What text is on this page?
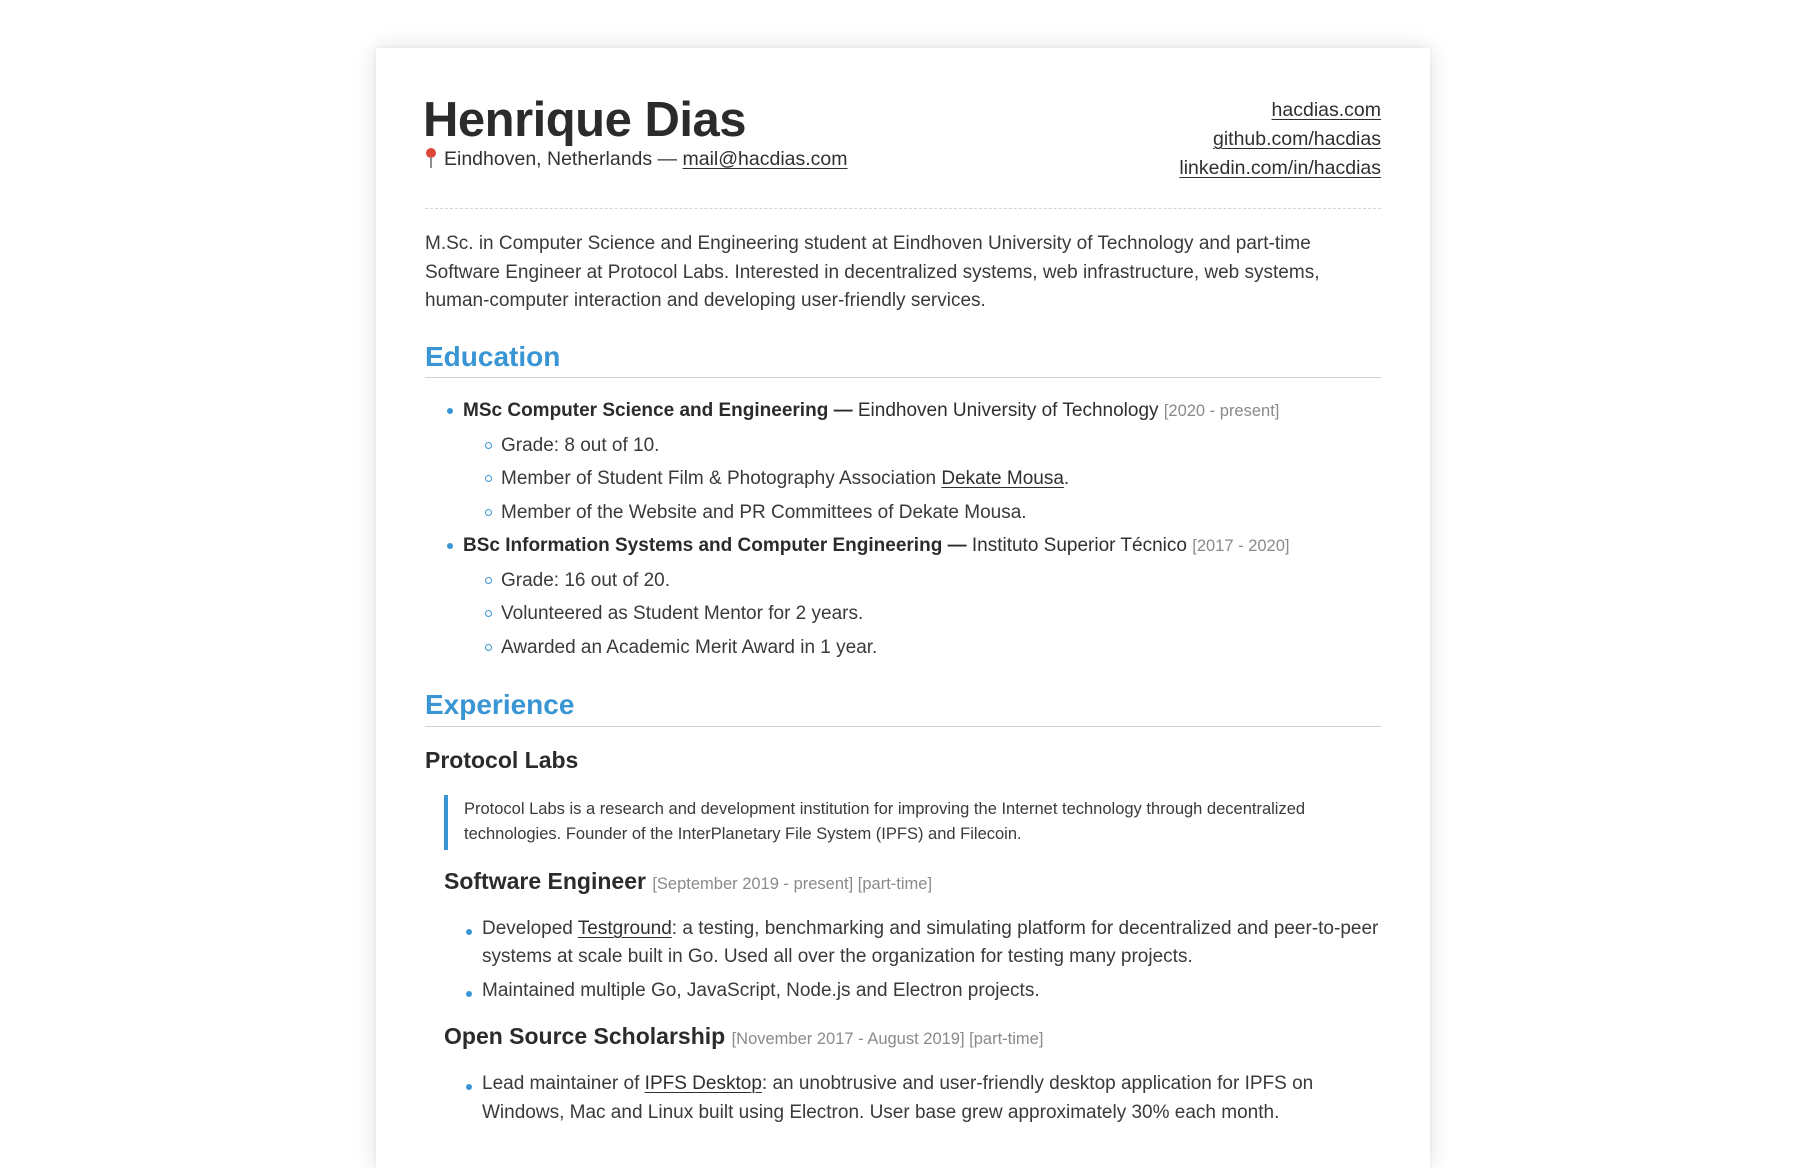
Henrique Dias
Eindhoven, Netherlands — mail@hacdias.com
hacdias.com
github.com/hacdias
linkedin.com/in/hacdias

M.Sc. in Computer Science and Engineering student at Eindhoven University of Technology and part-time Software Engineer at Protocol Labs. Interested in decentralized systems, web infrastructure, web systems, human-computer interaction and developing user-friendly services.

Education
MSc Computer Science and Engineering — Eindhoven University of Technology [2020 - present]
Grade: 8 out of 10.
Member of Student Film & Photography Association Dekate Mousa.
Member of the Website and PR Committees of Dekate Mousa.
BSc Information Systems and Computer Engineering — Instituto Superior Técnico [2017 - 2020]
Grade: 16 out of 20.
Volunteered as Student Mentor for 2 years.
Awarded an Academic Merit Award in 1 year.
Experience
Protocol Labs
Protocol Labs is a research and development institution for improving the Internet technology through decentralized technologies. Founder of the InterPlanetary File System (IPFS) and Filecoin.
Software Engineer [September 2019 - present] [part-time]
Developed Testground: a testing, benchmarking and simulating platform for decentralized and peer-to-peer systems at scale built in Go. Used all over the organization for testing many projects.
Maintained multiple Go, JavaScript, Node.js and Electron projects.
Open Source Scholarship [November 2017 - August 2019] [part-time]
Lead maintainer of IPFS Desktop: an unobtrusive and user-friendly desktop application for IPFS on Windows, Mac and Linux built using Electron. User base grew approximately 30% each month.
